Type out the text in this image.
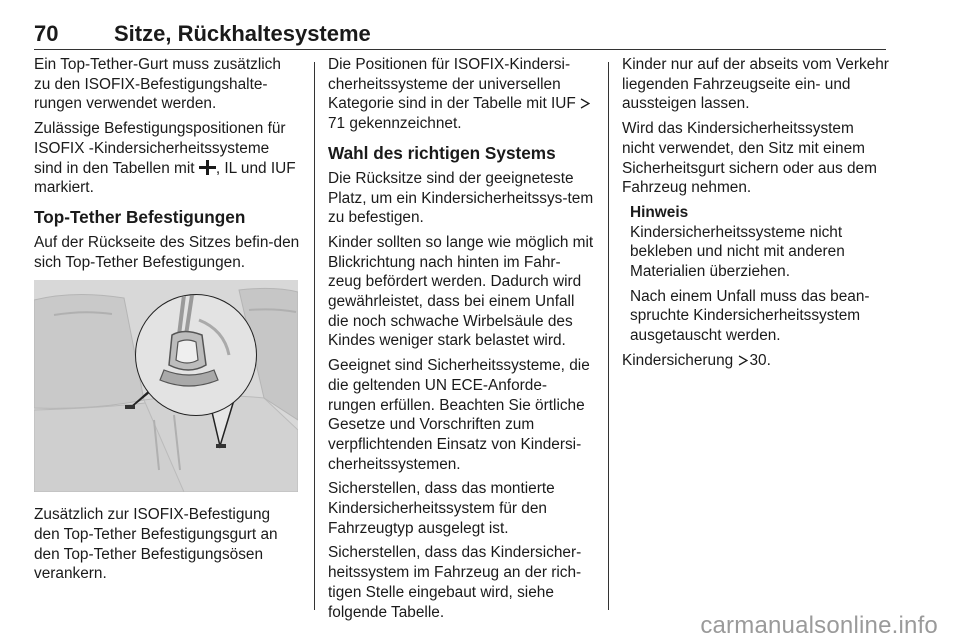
70	Sitze, Rückhaltesysteme

Ein Top-Tether-Gurt muss zusätzlich zu den ISOFIX-Befestigungshalte-rungen verwendet werden.

Zulässige Befestigungspositionen für ISOFIX -Kindersicherheitssysteme sind in den Tabellen mit , IL und IUF markiert.

Top-Tether Befestigungen

Auf der Rückseite des Sitzes befin-den sich Top-Tether Befestigungen.

Zusätzlich zur ISOFIX-Befestigung den Top-Tether Befestigungsgurt an den Top-Tether Befestigungsösen verankern.

Die Positionen für ISOFIX-Kindersi-cherheitssysteme der universellen Kategorie sind in der Tabelle mit IUF 71 gekennzeichnet.

Wahl des richtigen Systems

Die Rücksitze sind der geeigneteste Platz, um ein Kindersicherheitssys-tem zu befestigen.

Kinder sollten so lange wie möglich mit Blickrichtung nach hinten im Fahr-zeug befördert werden. Dadurch wird gewährleistet, dass bei einem Unfall die noch schwache Wirbelsäule des Kindes weniger stark belastet wird.

Geeignet sind Sicherheitssysteme, die die geltenden UN ECE-Anforde-rungen erfüllen. Beachten Sie örtliche Gesetze und Vorschriften zum verpflichtenden Einsatz von Kindersi-cherheitssystemen.

Sicherstellen, dass das montierte Kindersicherheitssystem für den Fahrzeugtyp ausgelegt ist.

Sicherstellen, dass das Kindersicher-heitssystem im Fahrzeug an der rich-tigen Stelle eingebaut wird, siehe folgende Tabelle.

Kinder nur auf der abseits vom Verkehr liegenden Fahrzeugseite ein- und aussteigen lassen.

Wird das Kindersicherheitssystem nicht verwendet, den Sitz mit einem Sicherheitsgurt sichern oder aus dem Fahrzeug nehmen.

Hinweis

Kindersicherheitssysteme nicht bekleben und nicht mit anderen Materialien überziehen.

Nach einem Unfall muss das bean-spruchte Kindersicherheitssystem ausgetauscht werden.

Kindersicherung 30.

carmanualsonline.info
